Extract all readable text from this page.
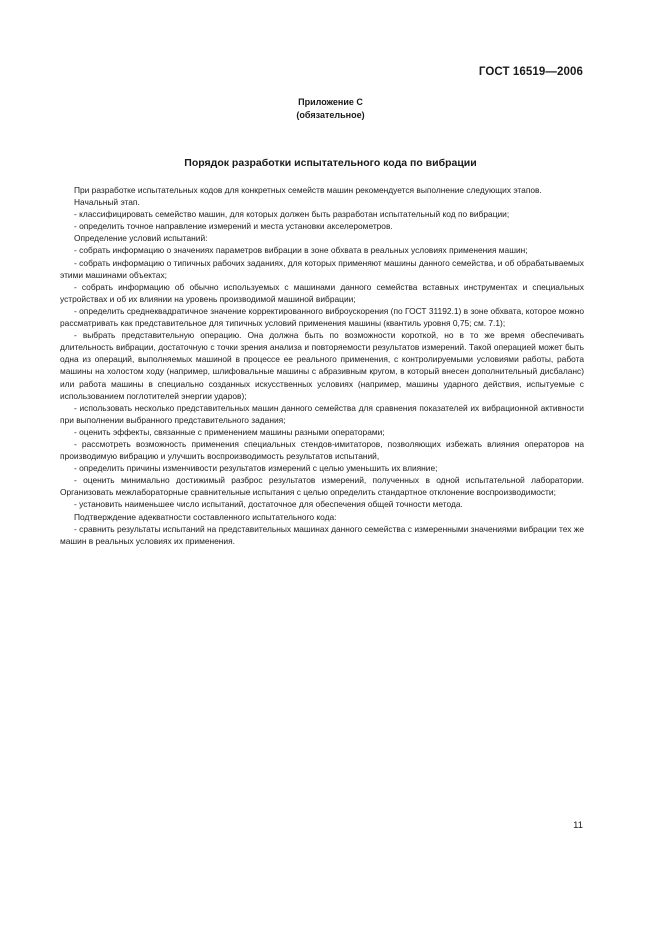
ГОСТ 16519—2006
Приложение С
(обязательное)
Порядок разработки испытательного кода по вибрации

При разработке испытательных кодов для конкретных семейств машин рекомендуется выполнение следующих этапов.

Начальный этап.

- классифицировать семейство машин, для которых должен быть разработан испытательный код по вибрации;

- определить точное направление измерений и места установки акселерометров.

Определение условий испытаний:

- собрать информацию о значениях параметров вибрации в зоне обхвата в реальных условиях применения машин;

- собрать информацию о типичных рабочих заданиях, для которых применяют машины данного семейства, и об обрабатываемых этими машинами объектах;

- собрать информацию об обычно используемых с машинами данного семейства вставных инструментах и специальных устройствах и об их влиянии на уровень производимой машиной вибрации;

- определить среднеквадратичное значение корректированного виброускорения (по ГОСТ 31192.1) в зоне обхвата, которое можно рассматривать как представительное для типичных условий применения машины (квантиль уровня 0,75; см. 7.1);

- выбрать представительную операцию. Она должна быть по возможности короткой, но в то же время обеспечивать длительность вибрации, достаточную с точки зрения анализа и повторяемости результатов измерений. Такой операцией может быть одна из операций, выполняемых машиной в процессе ее реального применения, с контролируемыми условиями работы, работа машины на холостом ходу (например, шлифовальные машины с абразивным кругом, в который внесен дополнительный дисбаланс) или работа машины в специально созданных искусственных условиях (например, машины ударного действия, испытуемые с использованием поглотителей энергии ударов);

- использовать несколько представительных машин данного семейства для сравнения показателей их вибрационной активности при выполнении выбранного представительного задания;

- оценить эффекты, связанные с применением машины разными операторами;

- рассмотреть возможность применения специальных стендов-имитаторов, позволяющих избежать влияния операторов на производимую вибрацию и улучшить воспроизводимость результатов испытаний,

- определить причины изменчивости результатов измерений с целью уменьшить их влияние;

- оценить минимально достижимый разброс результатов измерений, полученных в одной испытательной лаборатории. Организовать межлабораторные сравнительные испытания с целью определить стандартное отклонение воспроизводимости;

- установить наименьшее число испытаний, достаточное для обеспечения общей точности метода.

Подтверждение адекватности составленного испытательного кода:

- сравнить результаты испытаний на представительных машинах данного семейства с измеренными значениями вибрации тех же машин в реальных условиях их применения.

11
